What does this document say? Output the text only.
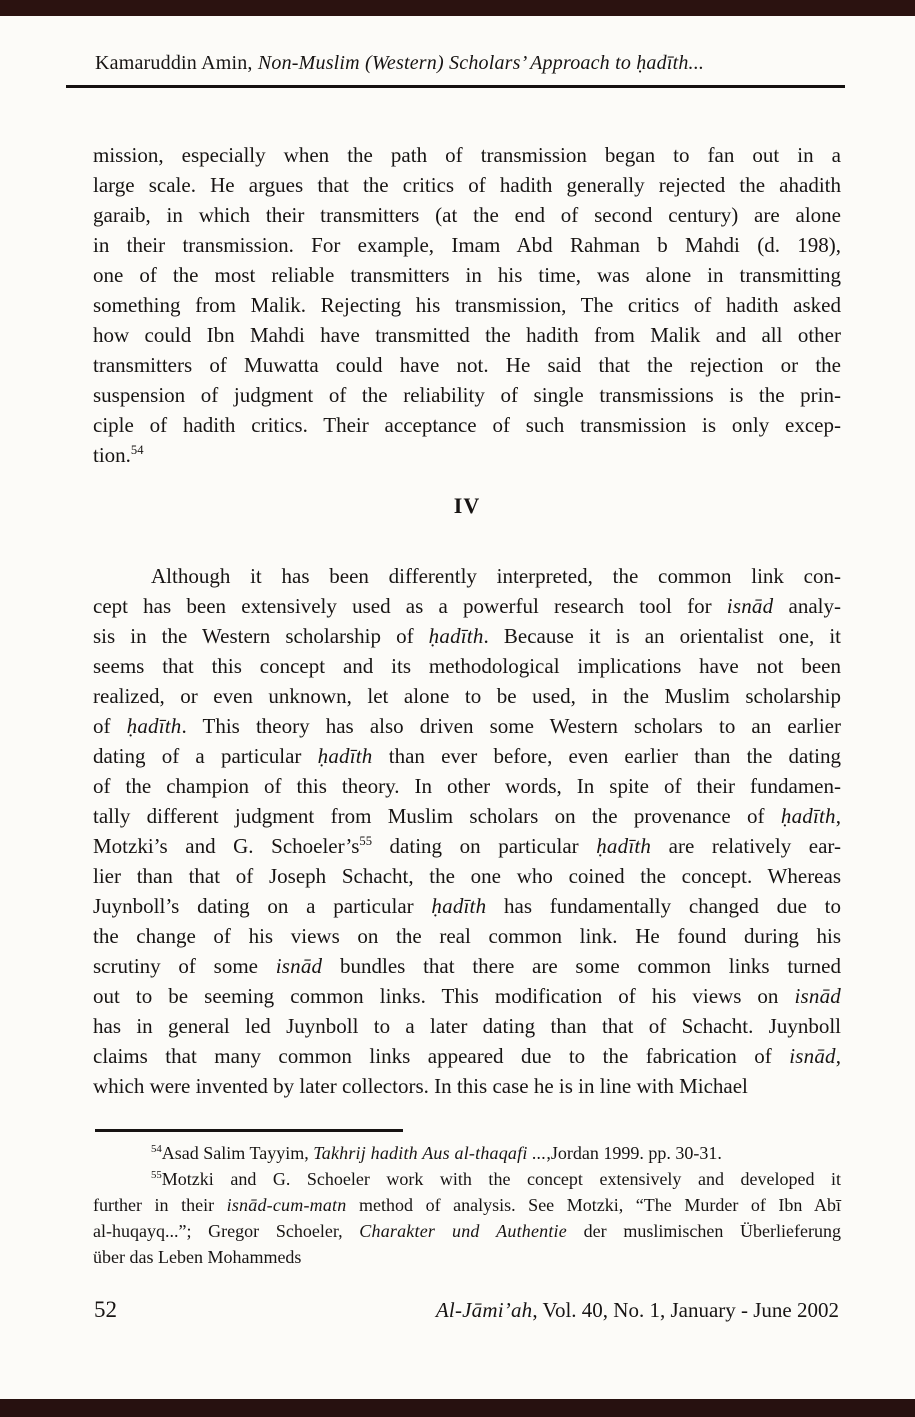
Kamaruddin Amin, Non-Muslim (Western) Scholars’ Approach to ḥadīth...
mission, especially when the path of transmission began to fan out in a
large scale. He argues that the critics of hadith generally rejected the ahadith
garaib, in which their transmitters (at the end of second century) are alone
in their transmission. For example, Imam Abd Rahman b Mahdi (d. 198),
one of the most reliable transmitters in his time, was alone in transmitting
something from Malik. Rejecting his transmission, The critics of hadith asked
how could Ibn Mahdi have transmitted the hadith from Malik and all other
transmitters of Muwatta could have not. He said that the rejection or the
suspension of judgment of the reliability of single transmissions is the prin-
ciple of hadith critics. Their acceptance of such transmission is only excep-
tion.$^{54}$
IV
Although it has been differently interpreted, the common link con-
cept has been extensively used as a powerful research tool for isnād analy-
sis in the Western scholarship of ḥadīth. Because it is an orientalist one, it
seems that this concept and its methodological implications have not been
realized, or even unknown, let alone to be used, in the Muslim scholarship
of ḥadīth. This theory has also driven some Western scholars to an earlier
dating of a particular ḥadīth than ever before, even earlier than the dating
of the champion of this theory. In other words, In spite of their fundamen-
tally different judgment from Muslim scholars on the provenance of ḥadīth,
Motzki’s and G. $Schoeler’s^{55}$ dating on particular ḥadīth are relatively ear-
lier than that of Joseph Schacht, the one who coined the concept. Whereas
Juynboll’s dating on a particular ḥadīth has fundamentally changed due to
the change of his views on the real common link. He found during his
scrutiny of some isnād bundles that there are some common links turned
out to be seeming common links. This modification of his views on isnād
has in general led Juynboll to a later dating than that of Schacht. Juynboll
claims that many common links appeared due to the fabrication of isnād,
which were invented by later collectors. In this case he is in line with Michael
$^{54}$Asad Salim Tayyim, Takhrij hadith Aus al-thaqafi ...,Jordan 1999. pp. 30-31.
$^{55}$Motzki and G. Schoeler work with the concept extensively and developed it
further in their isnād-cum-matn method of analysis. See Motzki, “The Murder of Ibn Abī
al-huqayq...”; Gregor Schoeler, Charakter und Authentie der muslimischen Überlieferung
über das Leben Mohammeds
52	Al-Jāmi’ah, Vol. 40, No. 1, January - June 2002
